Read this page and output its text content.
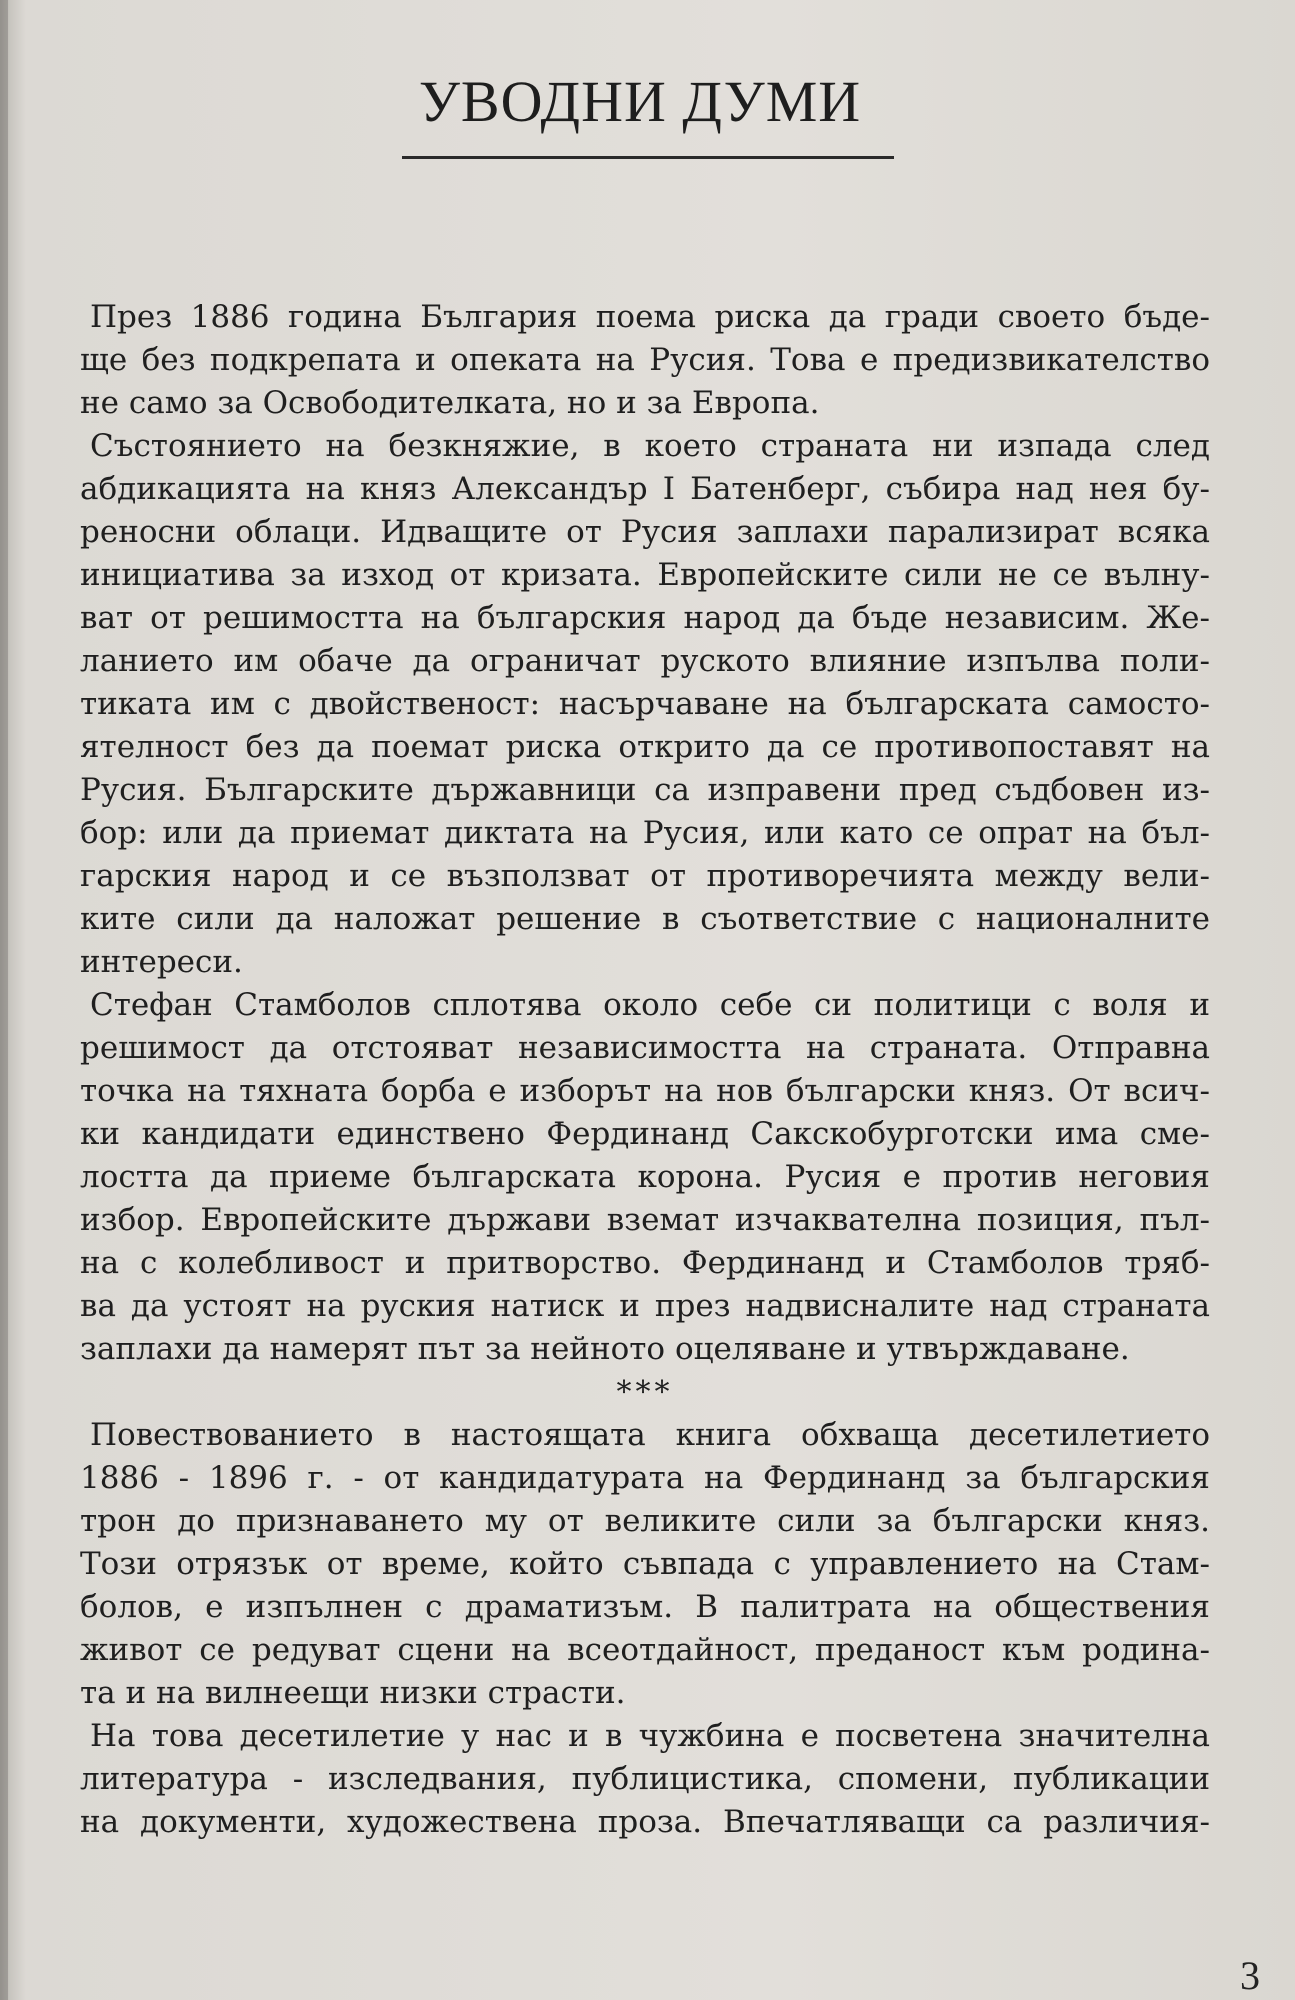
УВОДНИ ДУМИ
През 1886 година България поема риска да гради своето бъде-
ще без подкрепата и опеката на Русия. Това е предизвикателство
не само за Освободителката, но и за Европа.
Състоянието на безкняжие, в което страната ни изпада след
абдикацията на княз Александър I Батенберг, събира над нея бу-
реносни облаци. Идващите от Русия заплахи парализират всяка
инициатива за изход от кризата. Европейските сили не се вълну-
ват от решимостта на българския народ да бъде независим. Же-
ланието им обаче да ограничат руското влияние изпълва поли-
тиката им с двойственост: насърчаване на българската самосто-
ятелност без да поемат риска открито да се противопоставят на
Русия. Българските държавници са изправени пред съдбовен из-
бор: или да приемат диктата на Русия, или като се опрат на бъл-
гарския народ и се възползват от противоречията между вели-
ките сили да наложат решение в съответствие с националните
интереси.
Стефан Стамболов сплотява около себе си политици с воля и
решимост да отстояват независимостта на страната. Отправна
точка на тяхната борба е изборът на нов български княз. От всич-
ки кандидати единствено Фердинанд Сакскобурготски има сме-
лостта да приеме българската корона. Русия е против неговия
избор. Европейските държави вземат изчаквателна позиция, пъл-
на с колебливост и притворство. Фердинанд и Стамболов тряб-
ва да устоят на руския натиск и през надвисналите над страната
заплахи да намерят път за нейното оцеляване и утвърждаване.
***
Повествованието в настоящата книга обхваща десетилетието
1886 - 1896 г. - от кандидатурата на Фердинанд за българския
трон до признаването му от великите сили за български княз.
Този отрязък от време, който съвпада с управлението на Стам-
болов, е изпълнен с драматизъм. В палитрата на обществения
живот се редуват сцени на всеотдайност, преданост към родина-
та и на вилнеещи низки страсти.
На това десетилетие у нас и в чужбина е посветена значителна
литература - изследвания, публицистика, спомени, публикации
на документи, художествена проза. Впечатляващи са различия-
3
